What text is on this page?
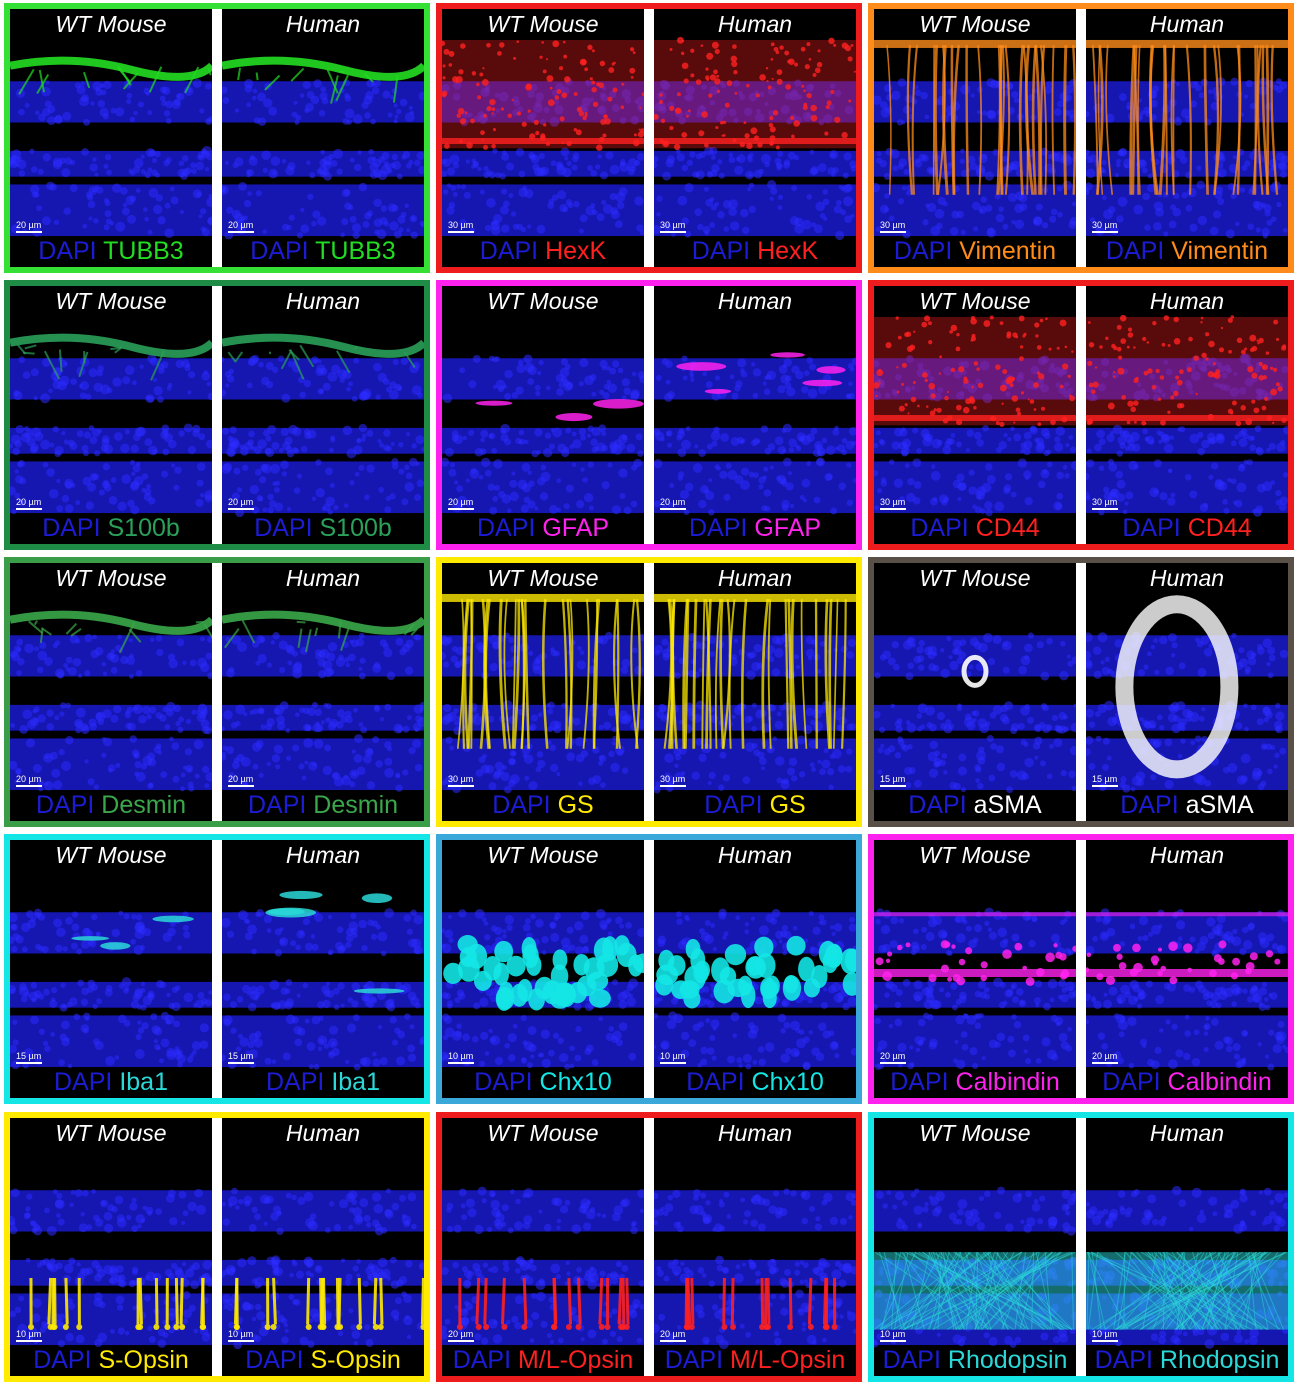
WT Mouse
20 µm
DAPI TUBB3
Human
20 µm
DAPI TUBB3
WT Mouse
30 µm
DAPI HexK
Human
30 µm
DAPI HexK
WT Mouse
30 µm
DAPI Vimentin
Human
30 µm
DAPI Vimentin
WT Mouse
20 µm
DAPI S100b
Human
20 µm
DAPI S100b
WT Mouse
20 µm
DAPI GFAP
Human
20 µm
DAPI GFAP
WT Mouse
30 µm
DAPI CD44
Human
30 µm
DAPI CD44
WT Mouse
20 µm
DAPI Desmin
Human
20 µm
DAPI Desmin
WT Mouse
30 µm
DAPI GS
Human
30 µm
DAPI GS
WT Mouse
15 µm
DAPI aSMA
Human
15 µm
DAPI aSMA
WT Mouse
15 µm
DAPI Iba1
Human
15 µm
DAPI Iba1
WT Mouse
10 µm
DAPI Chx10
Human
10 µm
DAPI Chx10
WT Mouse
20 µm
DAPI Calbindin
Human
20 µm
DAPI Calbindin
WT Mouse
10 µm
DAPI S-Opsin
Human
10 µm
DAPI S-Opsin
WT Mouse
20 µm
DAPI M/L-Opsin
Human
20 µm
DAPI M/L-Opsin
WT Mouse
10 µm
DAPI Rhodopsin
Human
10 µm
DAPI Rhodopsin
